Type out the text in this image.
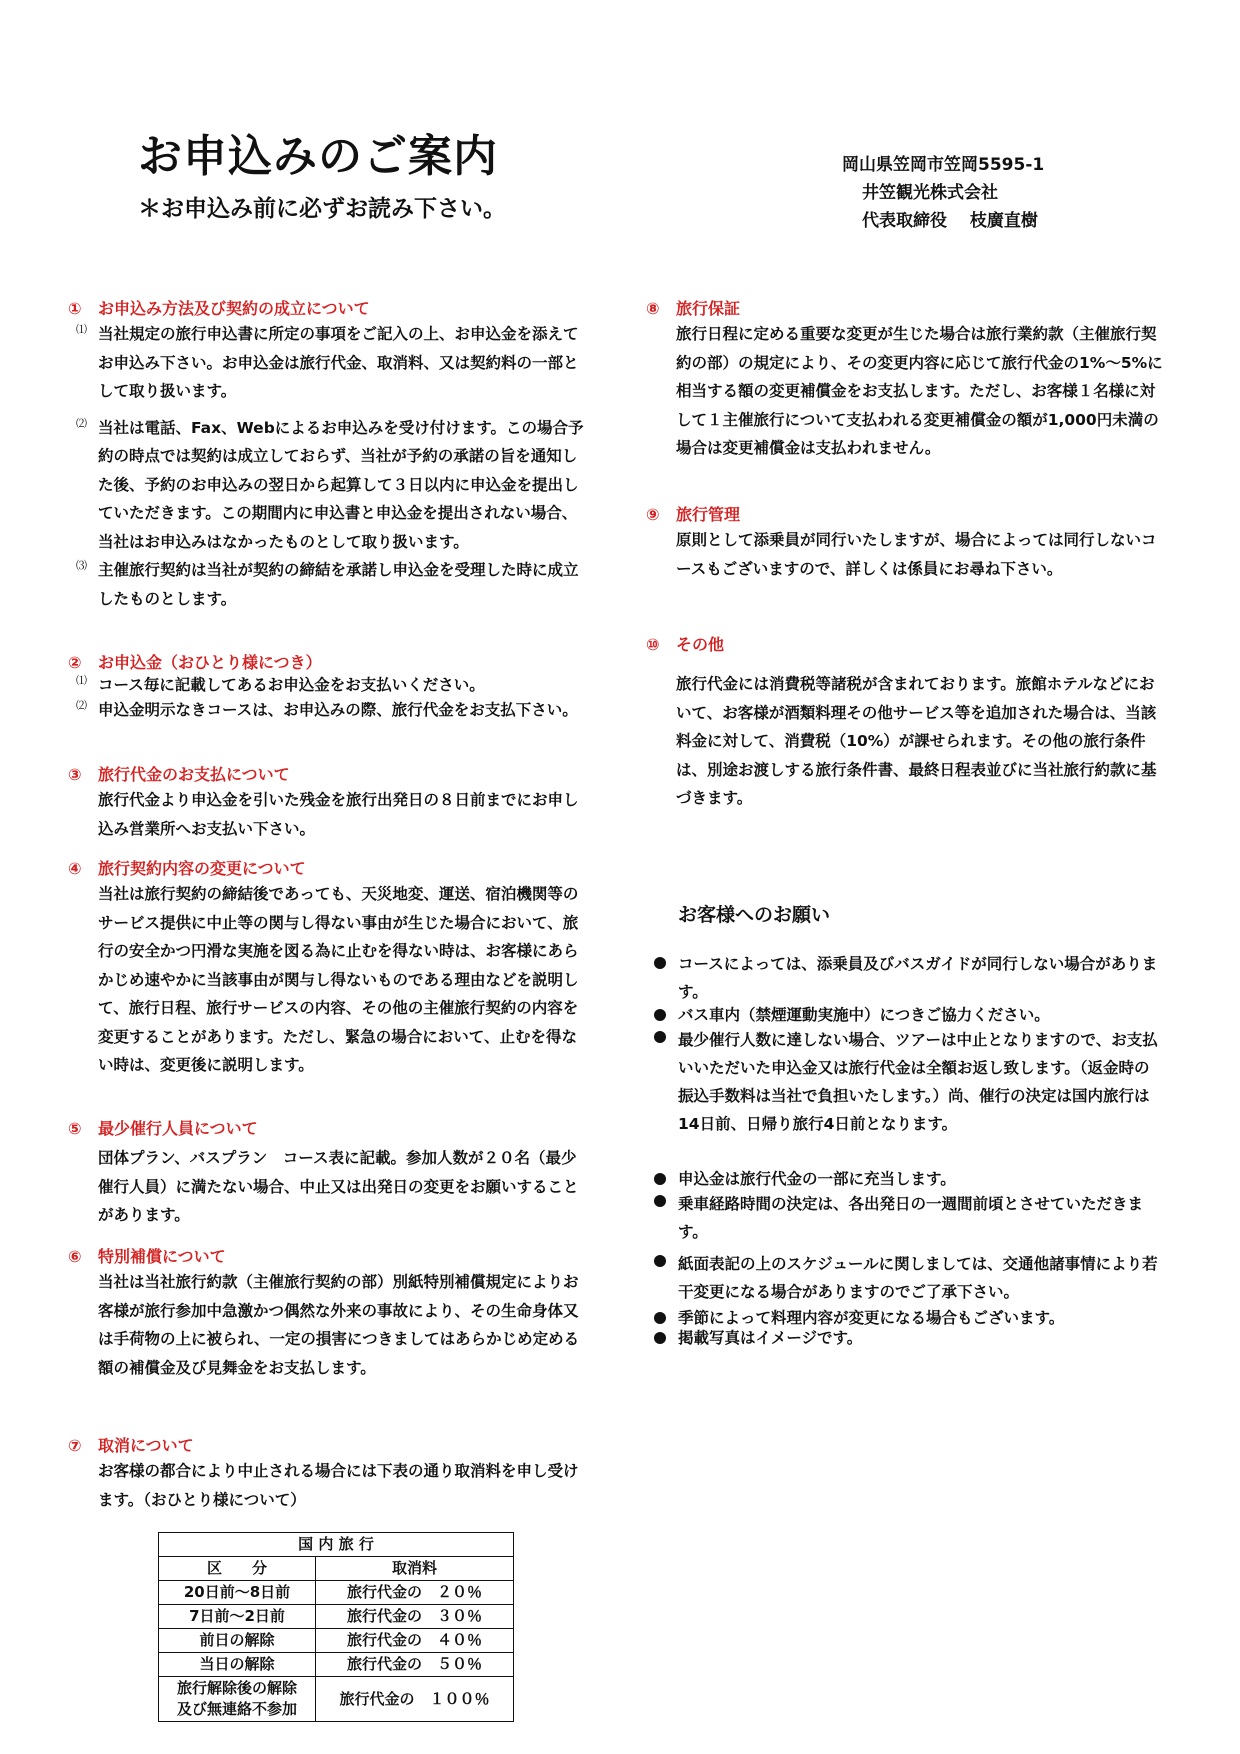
お申込みのご案内

＊お申込み前に必ずお読み下さい。

岡山県笠岡市笠岡5595-1
井笠観光株式会社
代表取締役　 枝廣直樹
①	お申込み方法及び契約の成立について
⑴ 当社規定の旅行申込書に所定の事項をご記入の上、お申込金を添えてお申込み下さい。お申込金は旅行代金、取消料、又は契約料の一部として取り扱います。
⑵ 当社は電話、Fax、Webによるお申込みを受け付けます。この場合予約の時点では契約は成立しておらず、当社が予約の承諾の旨を通知した後、予約のお申込みの翌日から起算して３日以内に申込金を提出していただきます。この期間内に申込書と申込金を提出されない場合、当社はお申込みはなかったものとして取り扱います。
⑶ 主催旅行契約は当社が契約の締結を承諾し申込金を受理した時に成立したものとします。
②	お申込金（おひとり様につき）
⑴ コース毎に記載してあるお申込金をお支払いください。
⑵ 申込金明示なきコースは、お申込みの際、旅行代金をお支払下さい。
③	旅行代金のお支払について
旅行代金より申込金を引いた残金を旅行出発日の８日前までにお申し込み営業所へお支払い下さい。
④	旅行契約内容の変更について
当社は旅行契約の締結後であっても、天災地変、運送、宿泊機関等のサービス提供に中止等の関与し得ない事由が生じた場合において、旅行の安全かつ円滑な実施を図る為に止むを得ない時は、お客様にあらかじめ速やかに当該事由が関与し得ないものである理由などを説明して、旅行日程、旅行サービスの内容、その他の主催旅行契約の内容を変更することがあります。ただし、緊急の場合において、止むを得ない時は、変更後に説明します。
⑤	最少催行人員について
団体プラン、バスプラン　コース表に記載。参加人数が２０名（最少催行人員）に満たない場合、中止又は出発日の変更をお願いすることがあります。
⑥	特別補償について
当社は当社旅行約款（主催旅行契約の部）別紙特別補償規定によりお客様が旅行参加中急激かつ偶然な外来の事故により、その生命身体又は手荷物の上に被られ、一定の損害につきましてはあらかじめ定める額の補償金及び見舞金をお支払します。
⑦	取消について
お客様の都合により中止される場合には下表の通り取消料を申し受けます。（おひとり様について）
国 内 旅 行	
区　　分	取消料
20日前～8日前	旅行代金の　２０％
7日前～2日前	旅行代金の　３０％
前日の解除	旅行代金の　４０％
当日の解除	旅行代金の　５０％

旅行解除後の解除
及び無連絡不参加	旅行代金の　１００％
⑧	旅行保証
旅行日程に定める重要な変更が生じた場合は旅行業約款（主催旅行契約の部）の規定により、その変更内容に応じて旅行代金の1%～5%に相当する額の変更補償金をお支払します。ただし、お客様１名様に対して１主催旅行について支払われる変更補償金の額が1,000円未満の場合は変更補償金は支払われません。
⑨	旅行管理
原則として添乗員が同行いたしますが、場合によっては同行しないコースもございますので、詳しくは係員にお尋ね下さい。
⑩	その他
旅行代金には消費税等諸税が含まれております。旅館ホテルなどにおいて、お客様が酒類料理その他サービス等を追加された場合は、当該料金に対して、消費税（10%）が課せられます。その他の旅行条件は、別途お渡しする旅行条件書、最終日程表並びに当社旅行約款に基づきます。
お客様へのお願い
コースによっては、添乗員及びバスガイドが同行しない場合があります。
バス車内（禁煙運動実施中）につきご協力ください。
最少催行人数に達しない場合、ツアーは中止となりますので、お支払いいただいた申込金又は旅行代金は全額お返し致します。（返金時の振込手数料は当社で負担いたします。）尚、催行の決定は国内旅行は14日前、日帰り旅行4日前となります。
申込金は旅行代金の一部に充当します。
乗車経路時間の決定は、各出発日の一週間前頃とさせていただきます。
紙面表記の上のスケジュールに関しましては、交通他諸事情により若干変更になる場合がありますのでご了承下さい。
季節によって料理内容が変更になる場合もございます。
掲載写真はイメージです。
